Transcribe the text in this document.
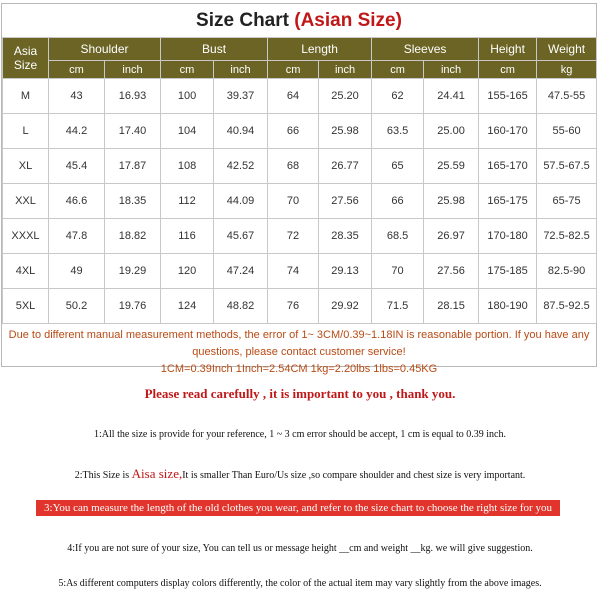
Size Chart (Asian Size)
Asia Size	Shoulder		Bust		Length		Sleeves		Height	Weight
	cm	inch	cm	inch	cm	inch	cm	inch	cm	kg
M	43	16.93	100	39.37	64	25.20	62	24.41	155-165	47.5-55
L	44.2	17.40	104	40.94	66	25.98	63.5	25.00	160-170	55-60
XL	45.4	17.87	108	42.52	68	26.77	65	25.59	165-170	57.5-67.5
XXL	46.6	18.35	112	44.09	70	27.56	66	25.98	165-175	65-75
XXXL	47.8	18.82	116	45.67	72	28.35	68.5	26.97	170-180	72.5-82.5
4XL	49	19.29	120	47.24	74	29.13	70	27.56	175-185	82.5-90
5XL	50.2	19.76	124	48.82	76	29.92	71.5	28.15	180-190	87.5-92.5
Due to different manual measurement methods, the error of 1~ 3CM/0.39~1.18IN is reasonable portion. If you have any questions, please contact customer service!
1CM=0.39Inch 1Inch=2.54CM 1kg=2.20lbs 1lbs=0.45KG
Please read carefully , it is important to you , thank you.
1:All the size is provide for your reference, 1 ~ 3 cm error should be accept, 1 cm is equal to 0.39 inch.
2:This Size is Aisa size,It is smaller Than Euro/Us size ,so compare shoulder and chest size is very important.
3:You can measure the length of the old clothes you wear, and refer to the size chart to choose the right size for you
4:If you are not sure of your size, You can tell us or message height __cm and weight __kg. we will give suggestion.
5:As different computers display colors differently, the color of the actual item may vary slightly from the above images.
